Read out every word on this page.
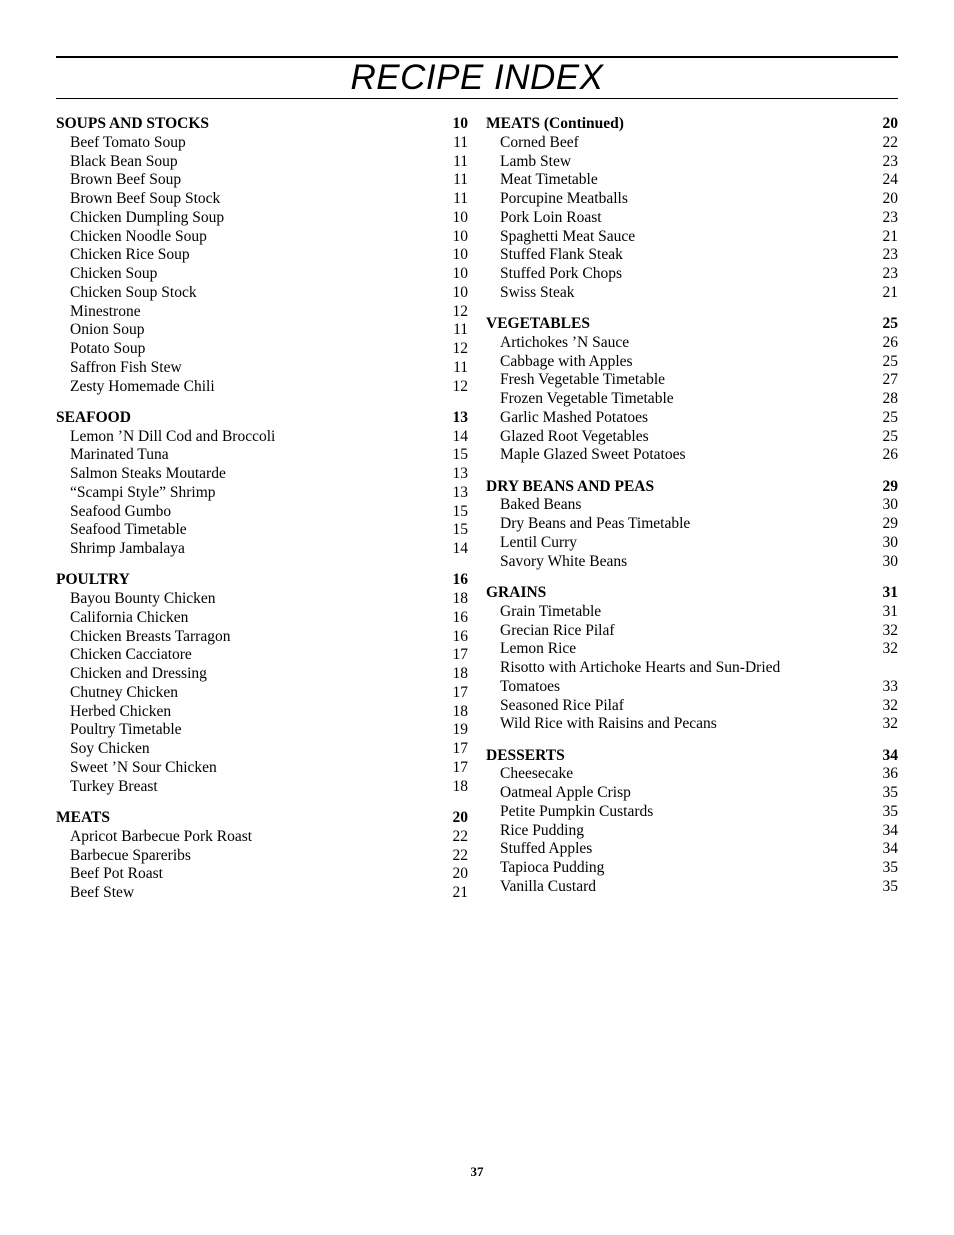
RECIPE INDEX
SOUPS AND STOCKS	10
Beef Tomato Soup	11
Black Bean Soup	11
Brown Beef Soup	11
Brown Beef Soup Stock	11
Chicken Dumpling Soup	10
Chicken Noodle Soup	10
Chicken Rice Soup	10
Chicken Soup	10
Chicken Soup Stock	10
Minestrone	12
Onion Soup	11
Potato Soup	12
Saffron Fish Stew	11
Zesty Homemade Chili	12
SEAFOOD	13
Lemon ’N Dill Cod and Broccoli	14
Marinated Tuna	15
Salmon Steaks Moutarde	13
“Scampi Style” Shrimp	13
Seafood Gumbo	15
Seafood Timetable	15
Shrimp Jambalaya	14
POULTRY	16
Bayou Bounty Chicken	18
California Chicken	16
Chicken Breasts Tarragon	16
Chicken Cacciatore	17
Chicken and Dressing	18
Chutney Chicken	17
Herbed Chicken	18
Poultry Timetable	19
Soy Chicken	17
Sweet ’N Sour Chicken	17
Turkey Breast	18
MEATS	20
Apricot Barbecue Pork Roast	22
Barbecue Spareribs	22
Beef Pot Roast	20
Beef Stew	21
MEATS (Continued)	20
Corned Beef	22
Lamb Stew	23
Meat Timetable	24
Porcupine Meatballs	20
Pork Loin Roast	23
Spaghetti Meat Sauce	21
Stuffed Flank Steak	23
Stuffed Pork Chops	23
Swiss Steak	21
VEGETABLES	25
Artichokes ’N Sauce	26
Cabbage with Apples	25
Fresh Vegetable Timetable	27
Frozen Vegetable Timetable	28
Garlic Mashed Potatoes	25
Glazed Root Vegetables	25
Maple Glazed Sweet Potatoes	26
DRY BEANS AND PEAS	29
Baked Beans	30
Dry Beans and Peas Timetable	29
Lentil Curry	30
Savory White Beans	30
GRAINS	31
Grain Timetable	31
Grecian Rice Pilaf	32
Lemon Rice	32
Risotto with Artichoke Hearts and Sun-Dried
Tomatoes	33
Seasoned Rice Pilaf	32
Wild Rice with Raisins and Pecans	32
DESSERTS	34
Cheesecake	36
Oatmeal Apple Crisp	35
Petite Pumpkin Custards	35
Rice Pudding	34
Stuffed Apples	34
Tapioca Pudding	35
Vanilla Custard	35
37
